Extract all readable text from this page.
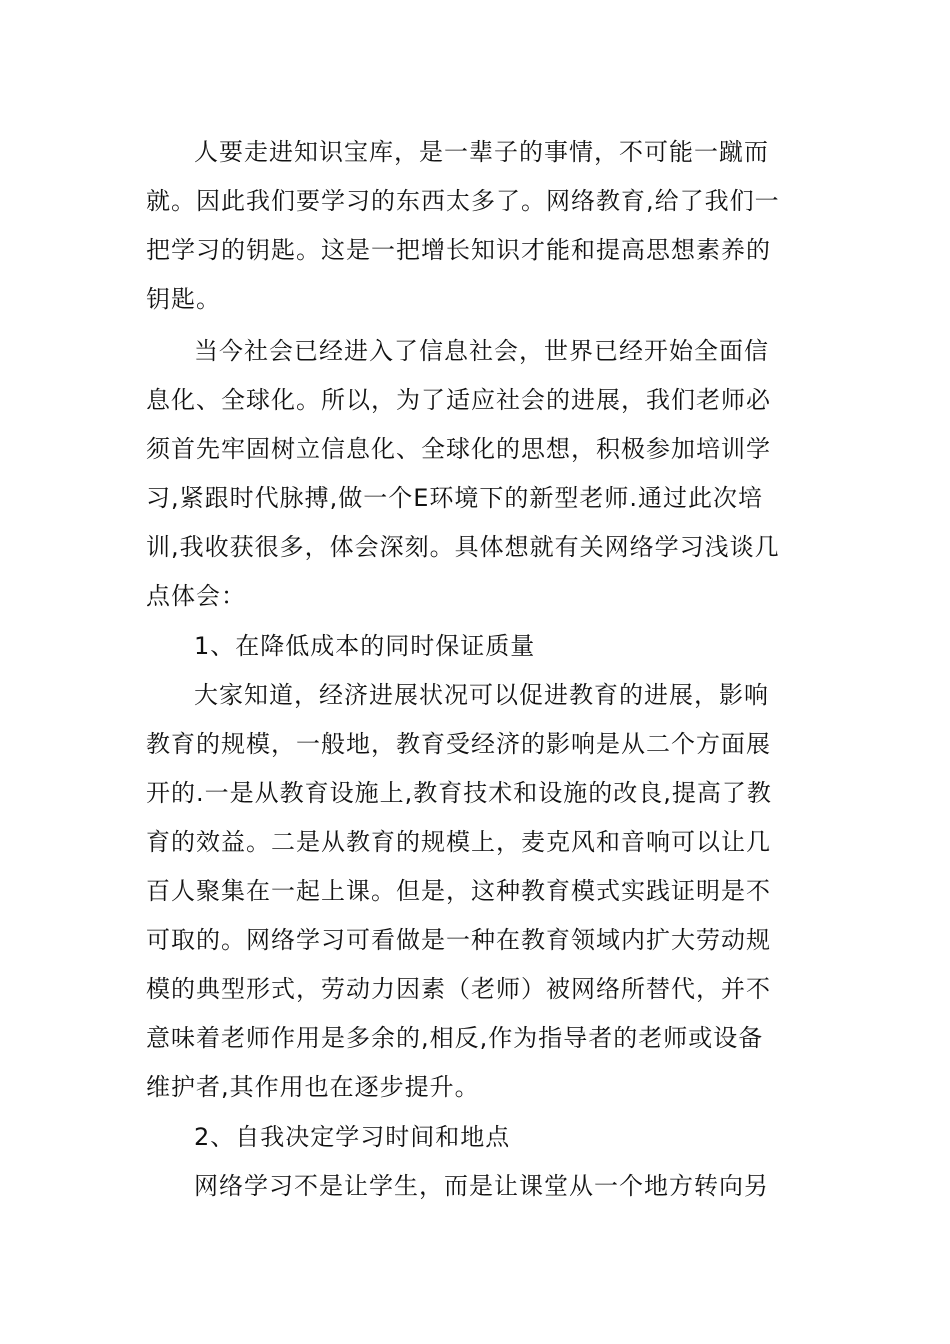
人要走进知识宝库，是一辈子的事情，不可能一蹴而
就。因此我们要学习的东西太多了。网络教育,给了我们一
把学习的钥匙。这是一把增长知识才能和提高思想素养的
钥匙。
当今社会已经进入了信息社会，世界已经开始全面信
息化、全球化。所以，为了适应社会的进展，我们老师必
须首先牢固树立信息化、全球化的思想，积极参加培训学
习,紧跟时代脉搏,做一个E环境下的新型老师.通过此次培
训,我收获很多，体会深刻。具体想就有关网络学习浅谈几
点体会：
1、在降低成本的同时保证质量
大家知道，经济进展状况可以促进教育的进展，影响
教育的规模，一般地，教育受经济的影响是从二个方面展
开的.一是从教育设施上,教育技术和设施的改良,提高了教
育的效益。二是从教育的规模上，麦克风和音响可以让几
百人聚集在一起上课。但是，这种教育模式实践证明是不
可取的。网络学习可看做是一种在教育领域内扩大劳动规
模的典型形式，劳动力因素（老师）被网络所替代，并不
意味着老师作用是多余的,相反,作为指导者的老师或设备
维护者,其作用也在逐步提升。
2、自我决定学习时间和地点
网络学习不是让学生，而是让课堂从一个地方转向另
